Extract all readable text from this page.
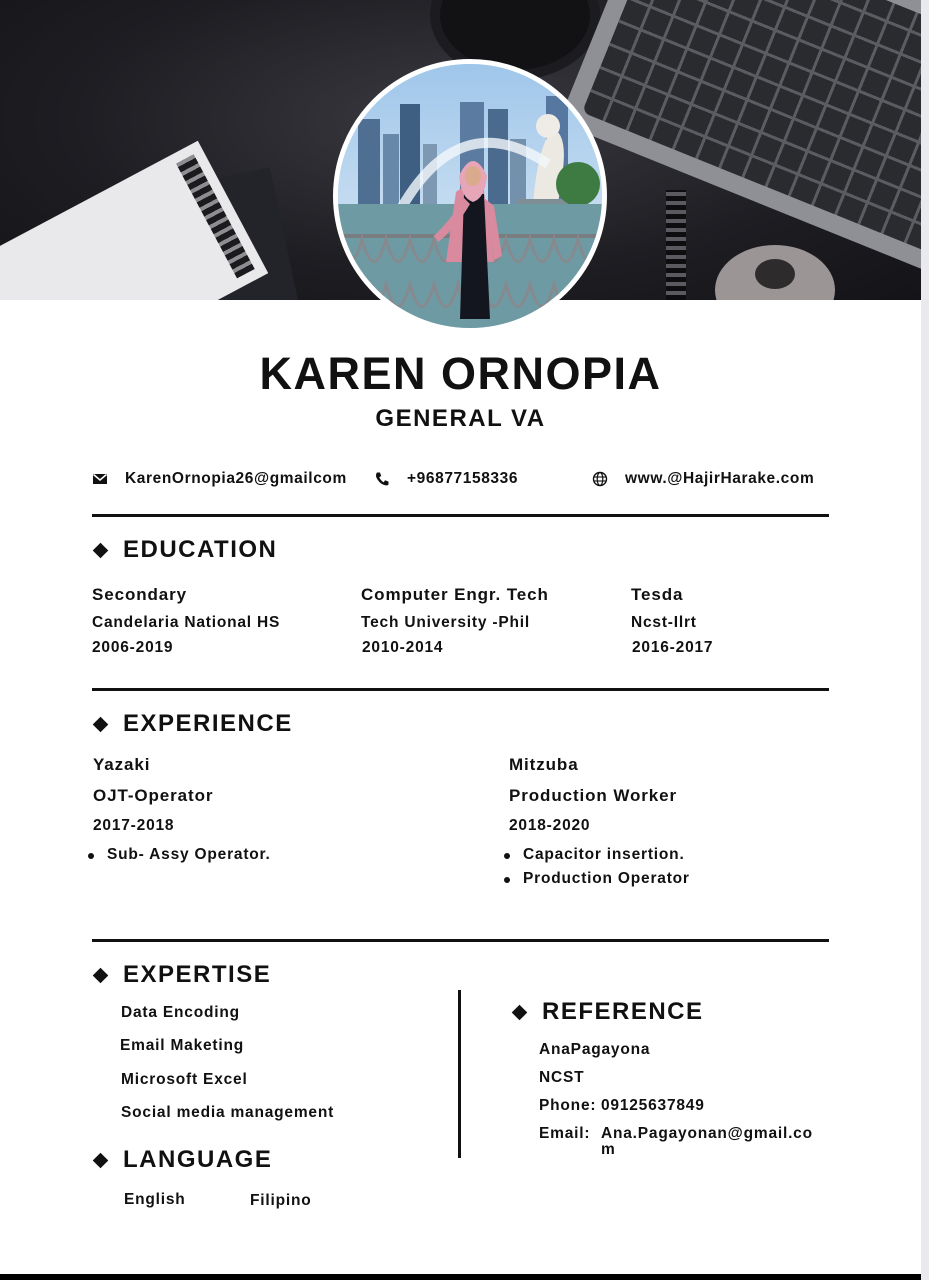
KAREN ORNOPIA
GENERAL VA
KarenOrnopia26@gmailcom	+96877158336	www.@HajirHarake.com
EDUCATION
Secondary
Candelaria National HS
2006-2019
Computer Engr. Tech
Tech University -Phil
2010-2014
Tesda
Ncst-Ilrt
2016-2017
EXPERIENCE
Yazaki
OJT-Operator
2017-2018
Sub- Assy Operator.
Mitzuba
Production Worker
2018-2020
Capacitor insertion.
Production Operator
EXPERTISE
Data Encoding
Email Maketing
Microsoft Excel
Social media management
LANGUAGE
English	Filipino
REFERENCE
AnaPagayona
NCST
Phone: 09125637849
Email: Ana.Pagayonan@gmail.co
m
